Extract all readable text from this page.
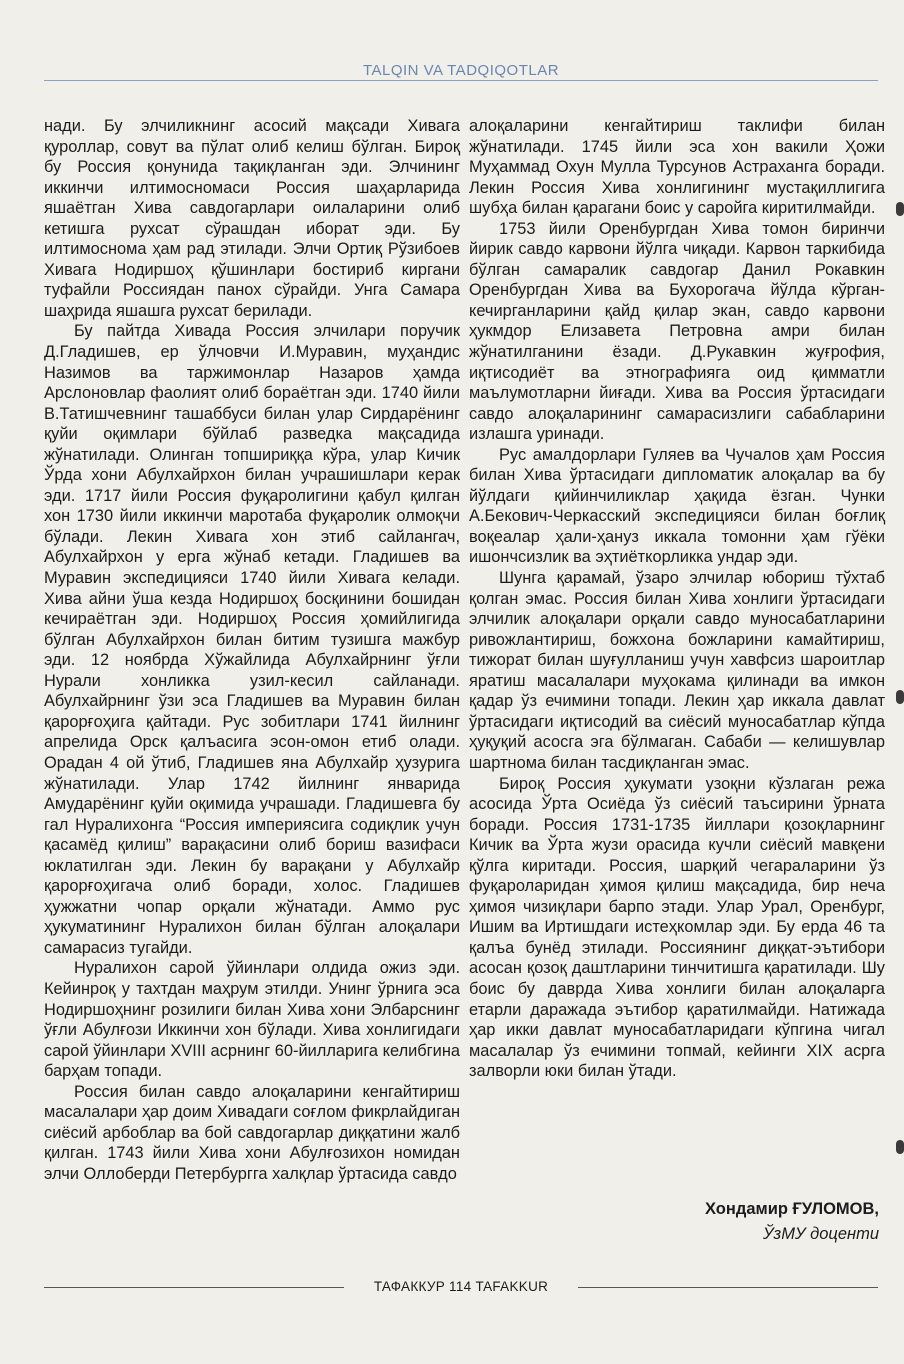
TALQIN VA TADQIQOTLAR

нади. Бу элчиликнинг асосий мақсади Хивага қуроллар, совут ва пўлат олиб келиш бўлган. Бироқ бу Россия қонунида тақиқланган эди. Элчининг иккинчи илтимосномаси Россия шаҳарларида яшаётган Хива савдогарлари оилаларини олиб кетишга рухсат сўрашдан иборат эди. Бу илтимоснома ҳам рад этилади. Элчи Ортиқ Рўзибоев Хивага Нодиршоҳ қўшинлари бостириб киргани туфайли Россиядан панох сўрайди. Унга Самара шаҳрида яшашга рухсат берилади.

Бу пайтда Хивада Россия элчилари поручик Д.Гладишев, ер ўлчовчи И.Муравин, муҳандис Назимов ва таржимонлар Назаров ҳамда Арслоновлар фаолият олиб бораётган эди. 1740 йили В.Татишчевнинг ташаббуси билан улар Сирдарёнинг қуйи оқимлари бўйлаб разведка мақсадида жўнатилади. Олинган топшириққа кўра, улар Кичик Ўрда хони Абулхайрхон билан учрашишлари керак эди. 1717 йили Россия фуқаролигини қабул қилган хон 1730 йили иккинчи маротаба фуқаролик олмоқчи бўлади. Лекин Хивага хон этиб сайлангач, Абулхайрхон у ерга жўнаб кетади. Гладишев ва Муравин экспедицияси 1740 йили Хивага келади. Хива айни ўша кезда Нодиршоҳ босқинини бошидан кечираётган эди. Нодиршоҳ Россия ҳомийлигида бўлган Абулхайрхон билан битим тузишга мажбур эди. 12 ноябрда Хўжайлида Абулхайрнинг ўғли Нурали хонликка узил-кесил сайланади. Абулхайрнинг ўзи эса Гладишев ва Муравин билан қарорғоҳига қайтади. Рус зобитлари 1741 йилнинг апрелида Орск қалъасига эсон-омон етиб олади. Орадан 4 ой ўтиб, Гладишев яна Абулхайр ҳузурига жўнатилади. Улар 1742 йилнинг январида Амударёнинг қуйи оқимида учрашади. Гладишевга бу гал Нуралихонга “Россия империясига содиқлик учун қасамёд қилиш” варақасини олиб бориш вазифаси юклатилган эди. Лекин бу варақани у Абулхайр қарорғоҳигача олиб боради, холос. Гладишев ҳужжатни чопар орқали жўнатади. Аммо рус ҳукуматининг Нуралихон билан бўлган алоқалари самарасиз тугайди.

Нуралихон сарой ўйинлари олдида ожиз эди. Кейинроқ у тахтдан маҳрум этилди. Унинг ўрнига эса Нодиршоҳнинг розилиги билан Хива хони Элбарснинг ўғли Абулғози Иккинчи хон бўлади. Хива хонлигидаги сарой ўйинлари XVIII асрнинг 60-йилларига келибгина барҳам топади.

Россия билан савдо алоқаларини кенгайтириш масалалари ҳар доим Хивадаги соғлом фикрлайдиган сиёсий арбоблар ва бой савдогарлар диққатини жалб қилган. 1743 йили Хива хони Абулғозихон номидан элчи Оллоберди Петербургга халқлар ўртасида савдо

алоқаларини кенгайтириш таклифи билан жўнатилади. 1745 йили эса хон вакили Ҳожи Муҳаммад Охун Мулла Турсунов Астраханга боради. Лекин Россия Хива хонлигининг мустақиллигига шубҳа билан қарагани боис у саройга киритилмайди.

1753 йили Оренбургдан Хива томон биринчи йирик савдо карвони йўлга чиқади. Карвон таркибида бўлган самаралик савдогар Данил Рокавкин Оренбургдан Хива ва Бухорогача йўлда кўрган-кечирганларини қайд қилар экан, савдо карвони ҳукмдор Елизавета Петровна амри билан жўнатилганини ёзади. Д.Рукавкин жуғрофия, иқтисодиёт ва этнографияга оид қимматли маълумотларни йиғади. Хива ва Россия ўртасидаги савдо алоқаларининг самарасизлиги сабабларини излашга уринади.

Рус амалдорлари Гуляев ва Чучалов ҳам Россия билан Хива ўртасидаги дипломатик алоқалар ва бу йўлдаги қийинчиликлар ҳақида ёзган. Чунки А.Бекович-Черкасский экспедицияси билан боғлиқ воқеалар ҳали-ҳануз иккала томонни ҳам гўёки ишончсизлик ва эҳтиёткорликка ундар эди.

Шунга қарамай, ўзаро элчилар юбориш тўхтаб қолган эмас. Россия билан Хива хонлиги ўртасидаги элчилик алоқалари орқали савдо муносабатларини ривожлантириш, божхона божларини камайтириш, тижорат билан шуғулланиш учун хавфсиз шароитлар яратиш масалалари муҳокама қилинади ва имкон қадар ўз ечимини топади. Лекин ҳар иккала давлат ўртасидаги иқтисодий ва сиёсий муносабатлар кўпда ҳуқуқий асосга эга бўлмаган. Сабаби — келишувлар шартнома билан тасдиқланган эмас.

Бироқ Россия ҳукумати узоқни кўзлаган режа асосида Ўрта Осиёда ўз сиёсий таъсирини ўрната боради. Россия 1731-1735 йиллари қозоқларнинг Кичик ва Ўрта жузи орасида кучли сиёсий мавқени қўлга киритади. Россия, шарқий чегараларини ўз фуқароларидан ҳимоя қилиш мақсадида, бир неча ҳимоя чизиқлари барпо этади. Улар Урал, Оренбург, Ишим ва Иртишдаги истеҳкомлар эди. Бу ерда 46 та қалъа бунёд этилади. Россиянинг диққат-эътибори асосан қозоқ даштларини тинчитишга қаратилади. Шу боис бу даврда Хива хонлиги билан алоқаларга етарли даражада эътибор қаратилмайди. Натижада ҳар икки давлат муносабатларидаги кўпгина чигал масалалар ўз ечимини топмай, кейинги XIX асрга залворли юки билан ўтади.

Хондамир ҒУЛОМОВ,
ЎзМУ доценти
ТАФАККУР 114 TAFAKKUR
